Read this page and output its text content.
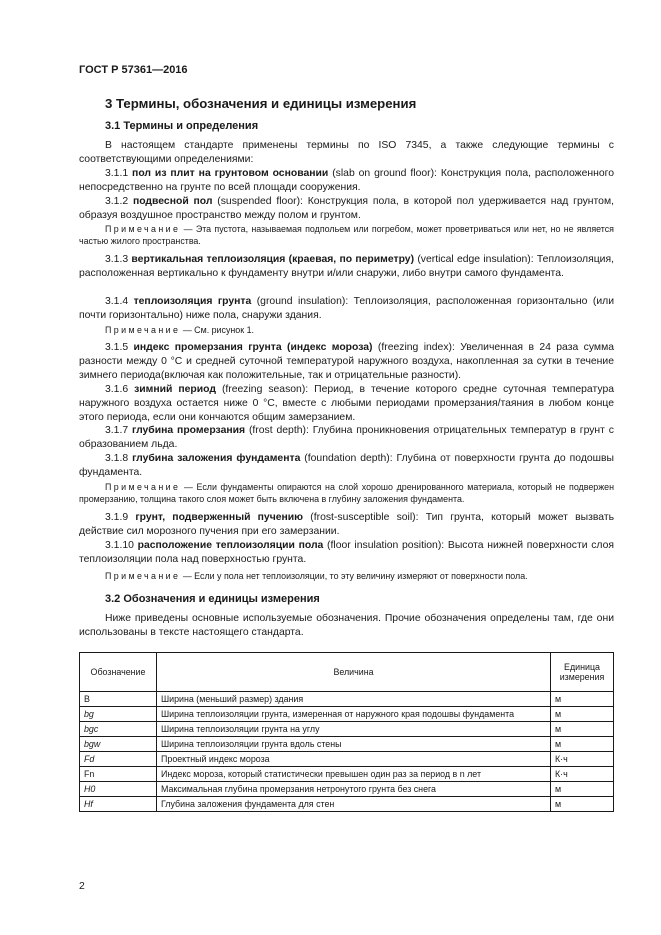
ГОСТ Р 57361—2016
3 Термины, обозначения и единицы измерения
3.1 Термины и определения

В настоящем стандарте применены термины по ISO 7345, а также следующие термины с соответствующими определениями:

3.1.1 пол из плит на грунтовом основании (slab on ground floor): Конструкция пола, расположенного непосредственно на грунте по всей площади сооружения.

3.1.2 подвесной пол (suspended floor): Конструкция пола, в которой пол удерживается над грунтом, образуя воздушное пространство между полом и грунтом.

Примечание — Эта пустота, называемая подпольем или погребом, может проветриваться или нет, но не является частью жилого пространства.

3.1.3 вертикальная теплоизоляция (краевая, по периметру) (vertical edge insulation): Теплоизоляция, расположенная вертикально к фундаменту внутри и/или снаружи, либо внутри самого фундамента.

3.1.4 теплоизоляция грунта (ground insulation): Теплоизоляция, расположенная горизонтально (или почти горизонтально) ниже пола, снаружи здания.

Примечание — См. рисунок 1.

3.1.5 индекс промерзания грунта (индекс мороза) (freezing index): Увеличенная в 24 раза сумма разности между 0 °С и средней суточной температурой наружного воздуха, накопленная за сутки в течение зимнего периода(включая как положительные, так и отрицательные разности).

3.1.6 зимний период (freezing season): Период, в течение которого средне суточная температура наружного воздуха остается ниже 0 °С, вместе с любыми периодами промерзания/таяния в любом конце этого периода, если они кончаются общим замерзанием.

3.1.7 глубина промерзания (frost depth): Глубина проникновения отрицательных температур в грунт с образованием льда.

3.1.8 глубина заложения фундамента (foundation depth): Глубина от поверхности грунта до подошвы фундамента.

Примечание — Если фундаменты опираются на слой хорошо дренированного материала, который не подвержен промерзанию, толщина такого слоя может быть включена в глубину заложения фундамента.

3.1.9 грунт, подверженный пучению (frost-susceptible soil): Тип грунта, который может вызвать действие сил морозного пучения при его замерзании.

3.1.10 расположение теплоизоляции пола (floor insulation position): Высота нижней поверхности слоя теплоизоляции пола над поверхностью грунта.

Примечание — Если у пола нет теплоизоляции, то эту величину измеряют от поверхности пола.

3.2 Обозначения и единицы измерения

Ниже приведены основные используемые обозначения. Прочие обозначения определены там, где они использованы в тексте настоящего стандарта.

Обозначение	Величина	Единица измерения
B	Ширина (меньший размер) здания	м
bg	Ширина теплоизоляции грунта, измеренная от наружного края подошвы фундамента	м
bgc	Ширина теплоизоляции грунта на углу	м
bgw	Ширина теплоизоляции грунта вдоль стены	м
Fd	Проектный индекс мороза	К·ч
Fn	Индекс мороза, который статистически превышен один раз за период в n лет	К·ч
H0	Максимальная глубина промерзания нетронутого грунта без снега	м
Hf	Глубина заложения фундамента для стен	м
2
